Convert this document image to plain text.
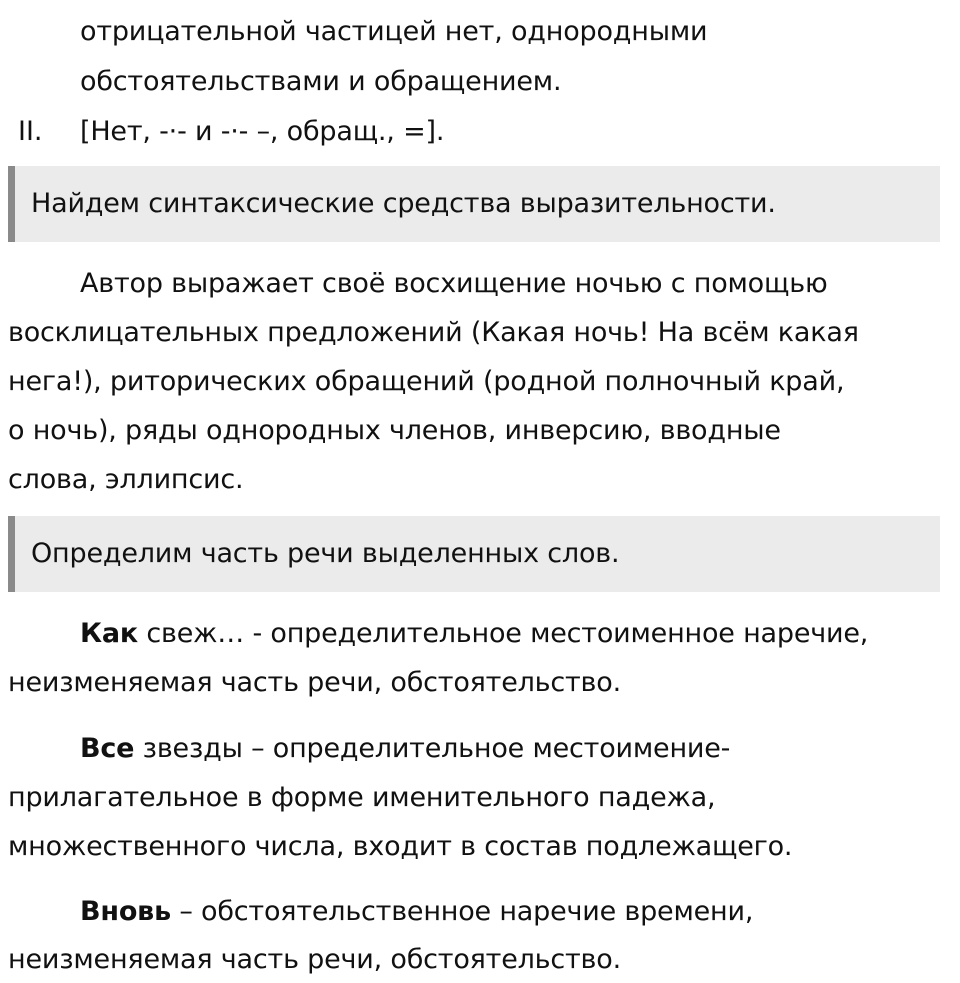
отрицательной частицей нет, однородными
обстоятельствами и обращением.
II. [Нет, -·- и -·- –, обращ., =].
Найдем синтаксические средства выразительности.
Автор выражает своё восхищение ночью с помощью
восклицательных предложений (Какая ночь! На всём какая
нега!), риторических обращений (родной полночный край,
о ночь), ряды однородных членов, инверсию, вводные
слова, эллипсис.
Определим часть речи выделенных слов.
Как свеж… - определительное местоименное наречие,
неизменяемая часть речи, обстоятельство.
Все звезды – определительное местоимение-
прилагательное в форме именительного падежа,
множественного числа, входит в состав подлежащего.
Вновь – обстоятельственное наречие времени,
неизменяемая часть речи, обстоятельство.
